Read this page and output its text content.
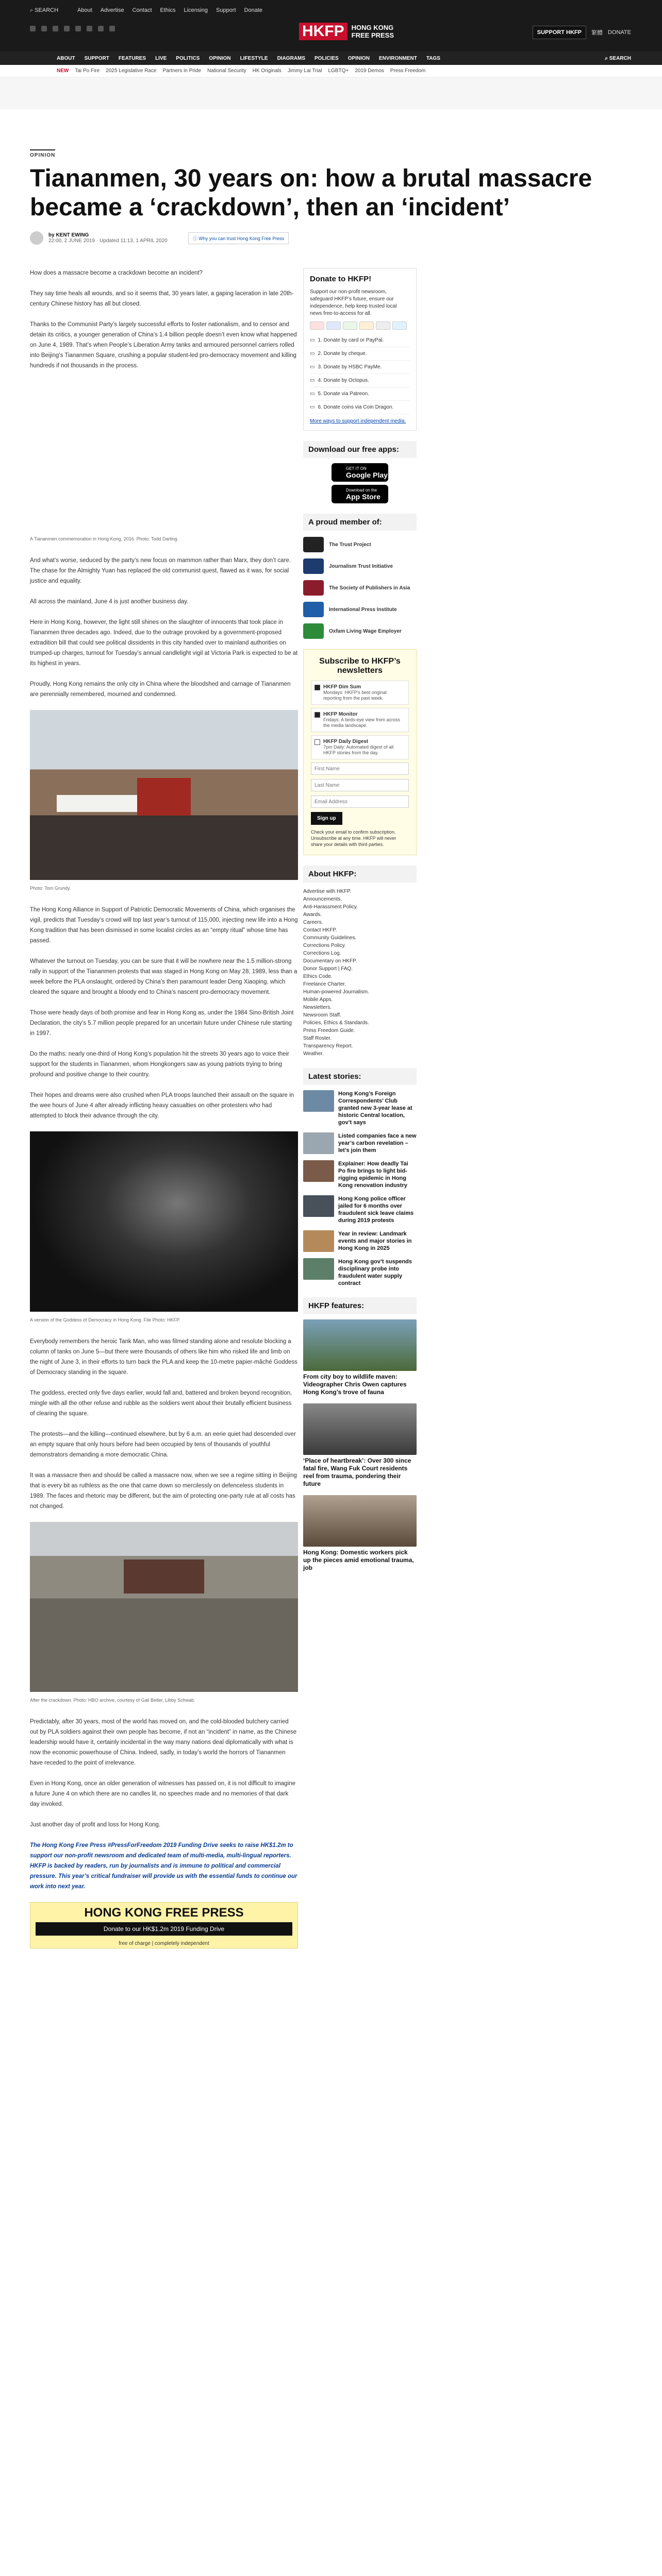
⌕ SEARCH	About Advertise Contact Ethics Licensing Support Donate
HKFP	HONG KONG
FREE PRESS	SUPPORT HKFP	繁體 DONATE
ABOUT SUPPORT FEATURES LIVE POLITICS OPINION LIFESTYLE DIAGRAMS POLICIES OPINION ENVIRONMENT TAGS	⌕ SEARCH
NEW Tai Po Fire 2025 Legislative Race Partners in Pride National Security HK Originals Jimmy Lai Trial LGBTQ+ 2019 Demos Press Freedom
OPINION
Tiananmen, 30 years on: how a brutal massacre became a ‘crackdown’, then an ‘incident’
by KENT EWING
22:00, 2 JUNE 2019 · Updated 11:13, 1 APRIL 2020	ⓘ Why you can trust Hong Kong Free Press

How does a massacre become a crackdown become an incident?

They say time heals all wounds, and so it seems that, 30 years later, a gaping laceration in late 20th-century Chinese history has all but closed.

Thanks to the Communist Party’s largely successful efforts to foster nationalism, and to censor and detain its critics, a younger generation of China’s 1.4 billion people doesn’t even know what happened on June 4, 1989. That’s when People’s Liberation Army tanks and armoured personnel carriers rolled into Beijing’s Tiananmen Square, crushing a popular student-led pro-democracy movement and killing hundreds if not thousands in the process.

A Tiananmen commemoration in Hong Kong, 2016. Photo: Todd Darling.

And what’s worse, seduced by the party’s new focus on mammon rather than Marx, they don’t care. The chase for the Almighty Yuan has replaced the old communist quest, flawed as it was, for social justice and equality.

All across the mainland, June 4 is just another business day.

Here in Hong Kong, however, the light still shines on the slaughter of innocents that took place in Tiananmen three decades ago. Indeed, due to the outrage provoked by a government-proposed extradition bill that could see political dissidents in this city handed over to mainland authorities on trumped-up charges, turnout for Tuesday’s annual candlelight vigil at Victoria Park is expected to be at its highest in years.

Proudly, Hong Kong remains the only city in China where the bloodshed and carnage of Tiananmen are perennially remembered, mourned and condemned.

Photo: Tom Grundy.

The Hong Kong Alliance in Support of Patriotic Democratic Movements of China, which organises the vigil, predicts that Tuesday’s crowd will top last year’s turnout of 115,000, injecting new life into a Hong Kong tradition that has been dismissed in some localist circles as an “empty ritual” whose time has passed.

Whatever the turnout on Tuesday, you can be sure that it will be nowhere near the 1.5 million-strong rally in support of the Tiananmen protests that was staged in Hong Kong on May 28, 1989, less than a week before the PLA onslaught, ordered by China’s then paramount leader Deng Xiaoping, which cleared the square and brought a bloody end to China’s nascent pro-democracy movement.

Those were heady days of both promise and fear in Hong Kong as, under the 1984 Sino-British Joint Declaration, the city’s 5.7 million people prepared for an uncertain future under Chinese rule starting in 1997.

Do the maths: nearly one-third of Hong Kong’s population hit the streets 30 years ago to voice their support for the students in Tiananmen, whom Hongkongers saw as young patriots trying to bring profound and positive change to their country.

Their hopes and dreams were also crushed when PLA troops launched their assault on the square in the wee hours of June 4 after already inflicting heavy casualties on other protesters who had attempted to block their advance through the city.

A version of the Goddess of Democracy in Hong Kong. File Photo: HKFP.

Everybody remembers the heroic Tank Man, who was filmed standing alone and resolute blocking a column of tanks on June 5—but there were thousands of others like him who risked life and limb on the night of June 3, in their efforts to turn back the PLA and keep the 10-metre papier-mâché Goddess of Democracy standing in the square.

The goddess, erected only five days earlier, would fall and, battered and broken beyond recognition, mingle with all the other refuse and rubble as the soldiers went about their brutally efficient business of clearing the square.

The protests—and the killing—continued elsewhere, but by 6 a.m. an eerie quiet had descended over an empty square that only hours before had been occupied by tens of thousands of youthful demonstrators demanding a more democratic China.

It was a massacre then and should be called a massacre now, when we see a regime sitting in Beijing that is every bit as ruthless as the one that came down so mercilessly on defenceless students in 1989. The faces and rhetoric may be different, but the aim of protecting one-party rule at all costs has not changed.

After the crackdown. Photo: HBO archive, courtesy of Gail Betler, Libby Schwab.

Predictably, after 30 years, most of the world has moved on, and the cold-blooded butchery carried out by PLA soldiers against their own people has become, if not an “incident” in name, as the Chinese leadership would have it, certainly incidental in the way many nations deal diplomatically with what is now the economic powerhouse of China. Indeed, sadly, in today’s world the horrors of Tiananmen have receded to the point of irrelevance.

Even in Hong Kong, once an older generation of witnesses has passed on, it is not difficult to imagine a future June 4 on which there are no candles lit, no speeches made and no memories of that dark day invoked.

Just another day of profit and loss for Hong Kong.

The Hong Kong Free Press #PressForFreedom 2019 Funding Drive seeks to raise HK$1.2m to support our non-profit newsroom and dedicated team of multi-media, multi-lingual reporters. HKFP is backed by readers, run by journalists and is immune to political and commercial pressure. This year’s critical fundraiser will provide us with the essential funds to continue our work into next year.

HONG KONG FREE PRESS
Donate to our HK$1.2m 2019 Funding Drive
free of charge | completely independent
Donate to HKFP!

Support our non-profit newsroom, safeguard HKFP’s future, ensure our independence, help keep trusted local news free-to-access for all.

▭ 1. Donate by card or PayPal.
▭ 2. Donate by cheque.
▭ 3. Donate by HSBC PayMe.
▭ 4. Donate by Octopus.
▭ 5. Donate via Patreon.
▭ 6. Donate coins via Coin Dragon.

More ways to support independent media.

Download our free apps:
GET IT ON
Google Play
Download on the
App Store
A proud member of:
The Trust Project
Journalism Trust Initiative
The Society of Publishers in Asia
International Press Institute
Oxfam Living Wage Employer
Subscribe to HKFP’s newsletters
HKFP Dim Sum
Mondays: HKFP’s best original reporting from the past week.
HKFP Monitor
Fridays: A birds-eye view from across the media landscape.
HKFP Daily Digest
7pm Daily: Automated digest of all HKFP stories from the day.
First Name Last Name Email Address Sign up

Check your email to confirm subscription. Unsubscribe at any time. HKFP will never share your details with third parties.

About HKFP:
Advertise with HKFP.
Announcements.
Anti-Harassment Policy.
Awards.
Careers.
Contact HKFP.
Community Guidelines.
Corrections Policy.
Corrections Log.
Documentary on HKFP.
Donor Support | FAQ.
Ethics Code.
Freelance Charter.
Human-powered Journalism.
Mobile Apps.
Newsletters.
Newsroom Staff.
Policies, Ethics & Standards.
Press Freedom Guide.
Staff Roster.
Transparency Report.
Weather.
Latest stories:
Hong Kong’s Foreign Correspondents’ Club granted new 3-year lease at historic Central location, gov’t says
Listed companies face a new year’s carbon revelation – let’s join them
Explainer: How deadly Tai Po fire brings to light bid-rigging epidemic in Hong Kong renovation industry
Hong Kong police officer jailed for 6 months over fraudulent sick leave claims during 2019 protests
Year in review: Landmark events and major stories in Hong Kong in 2025
Hong Kong gov’t suspends disciplinary probe into fraudulent water supply contract
HKFP features:
From city boy to wildlife maven: Videographer Chris Owen captures Hong Kong’s trove of fauna
‘Place of heartbreak’: Over 300 since fatal fire, Wang Fuk Court residents reel from trauma, pondering their future
Hong Kong: Domestic workers pick up the pieces amid emotional trauma, job
